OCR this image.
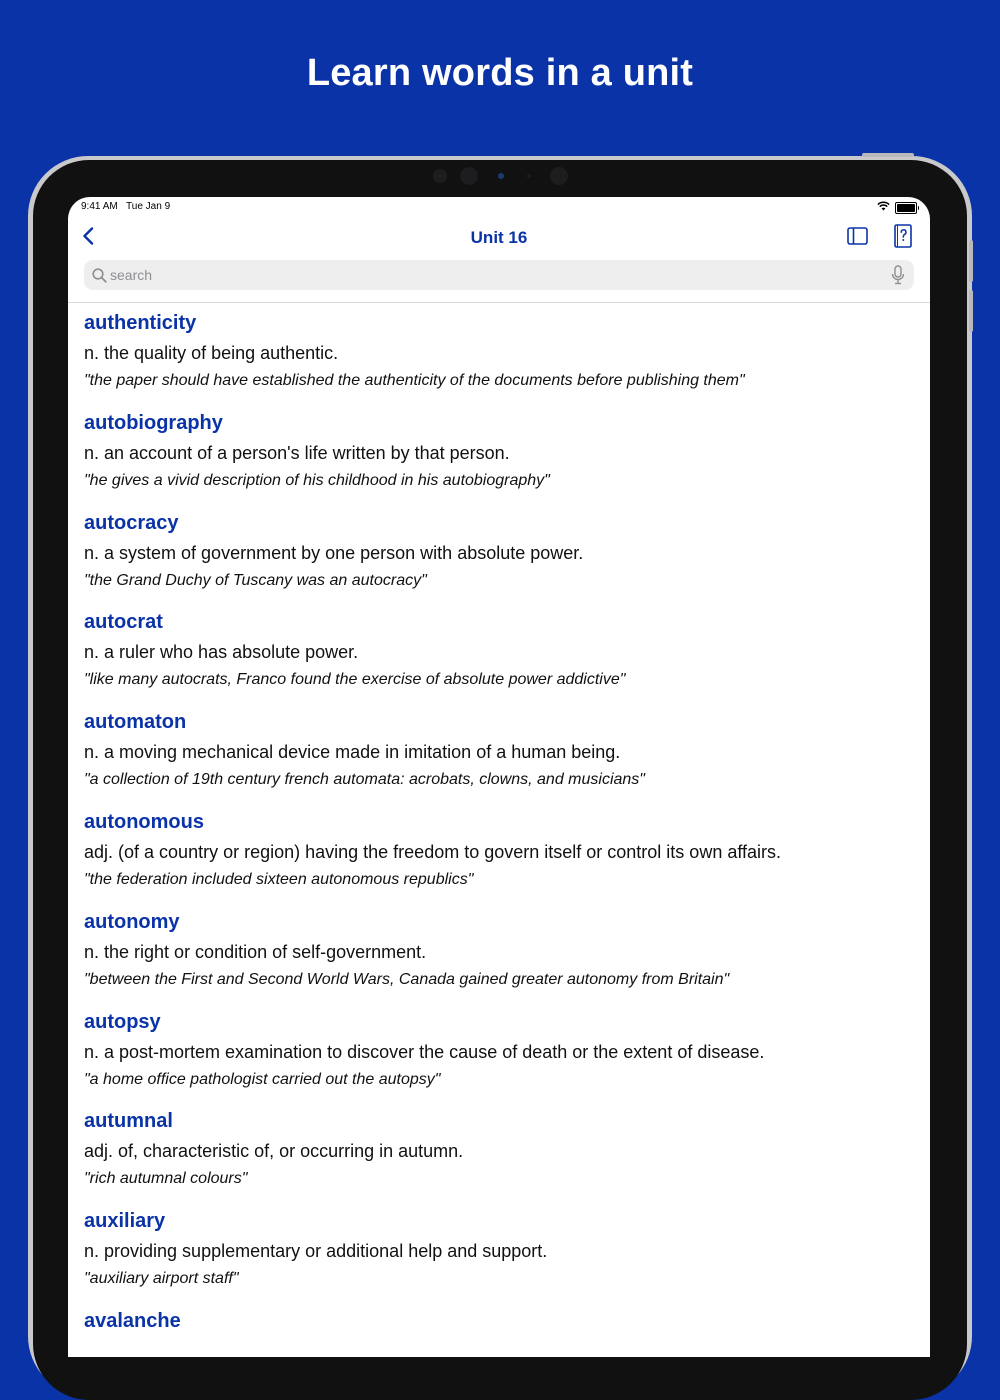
Learn words in a unit
9:41 AM Tue Jan 9
Unit 16
search
authenticity
n. the quality of being authentic.
"the paper should have established the authenticity of the documents before publishing them"
autobiography
n. an account of a person's life written by that person.
"he gives a vivid description of his childhood in his autobiography"
autocracy
n. a system of government by one person with absolute power.
"the Grand Duchy of Tuscany was an autocracy"
autocrat
n. a ruler who has absolute power.
"like many autocrats, Franco found the exercise of absolute power addictive"
automaton
n. a moving mechanical device made in imitation of a human being.
"a collection of 19th century french automata: acrobats, clowns, and musicians"
autonomous
adj. (of a country or region) having the freedom to govern itself or control its own affairs.
"the federation included sixteen autonomous republics"
autonomy
n. the right or condition of self-government.
"between the First and Second World Wars, Canada gained greater autonomy from Britain"
autopsy
n. a post-mortem examination to discover the cause of death or the extent of disease.
"a home office pathologist carried out the autopsy"
autumnal
adj. of, characteristic of, or occurring in autumn.
"rich autumnal colours"
auxiliary
n. providing supplementary or additional help and support.
"auxiliary airport staff"
avalanche
